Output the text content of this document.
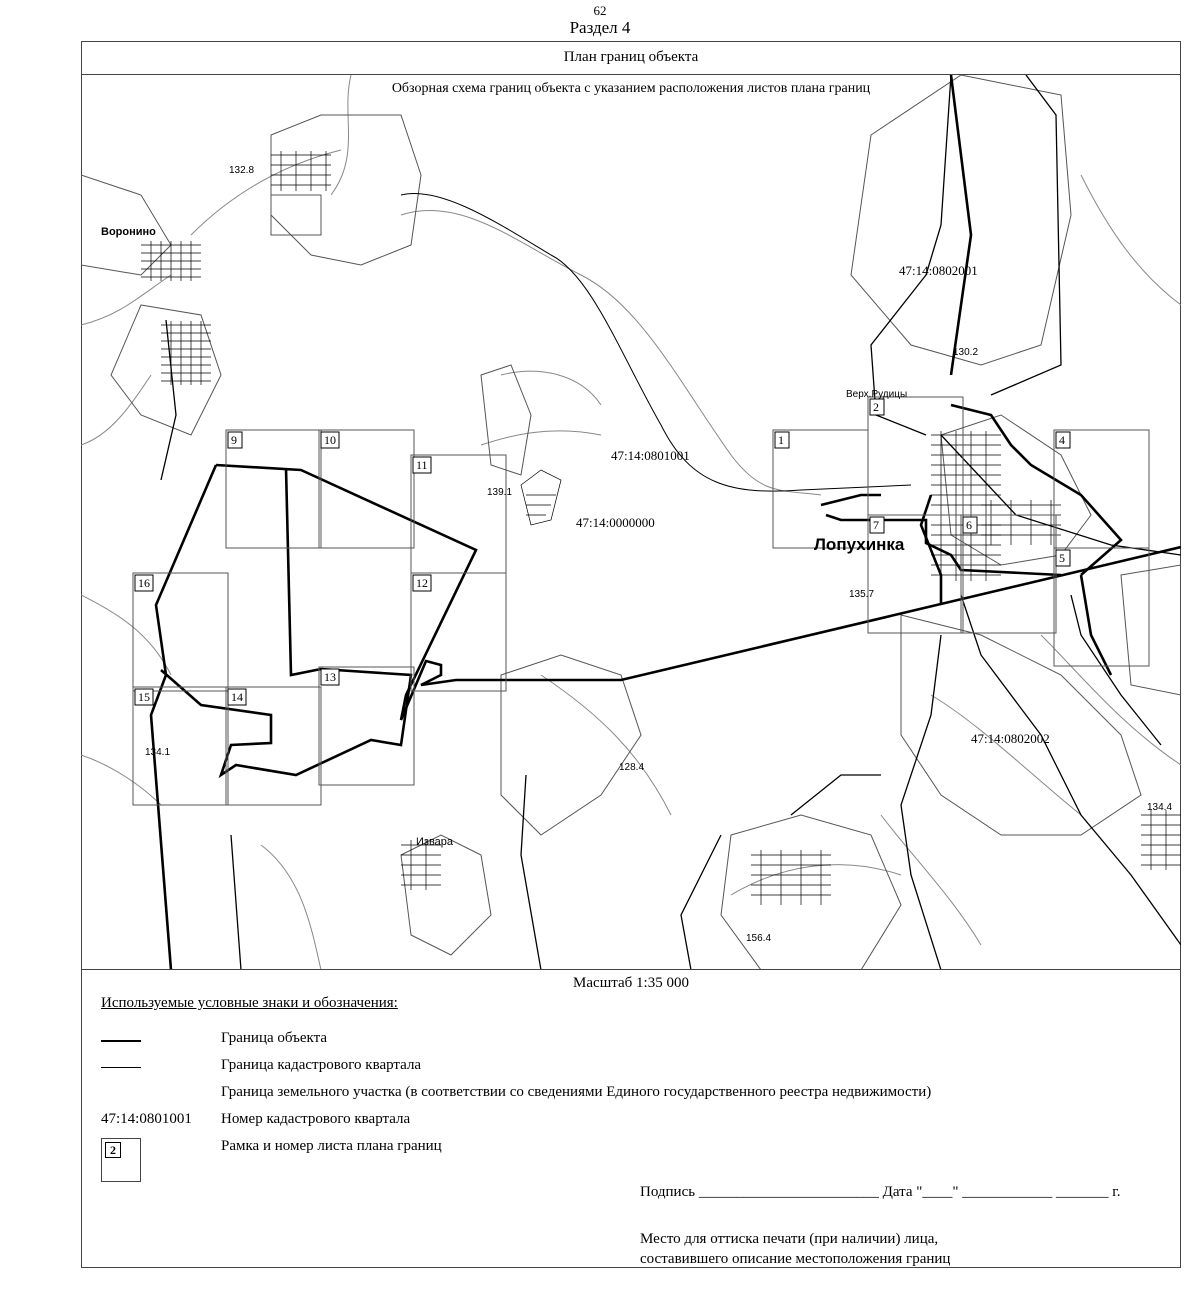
62
Раздел 4
План границ объекта
1
2
4
5
6
7
9	10
11
12
13
14
15
16
47:14:0801001
47:14:0000000
47:14:0802001
47:14:0802002
Лопухинка
Воронино
Верх.Рудицы
Извара
132.8
130.2
139.1
135.7
134.1
128.4
156.4
134.4
Обзорная схема границ объекта с указанием расположения листов плана границ
Масштаб 1:35 000
Используемые условные знаки и обозначения:
Граница объекта
Граница кадастрового квартала
Граница земельного участка (в соответствии со сведениями Единого государственного реестра недвижимости)
47:14:0801001 Номер кадастрового квартала
2	Рамка и номер листа плана границ
Подпись ________________________ Дата "____" ____________ _______ г.
Место для оттиска печати (при наличии) лица,
составившего описание местоположения границ
